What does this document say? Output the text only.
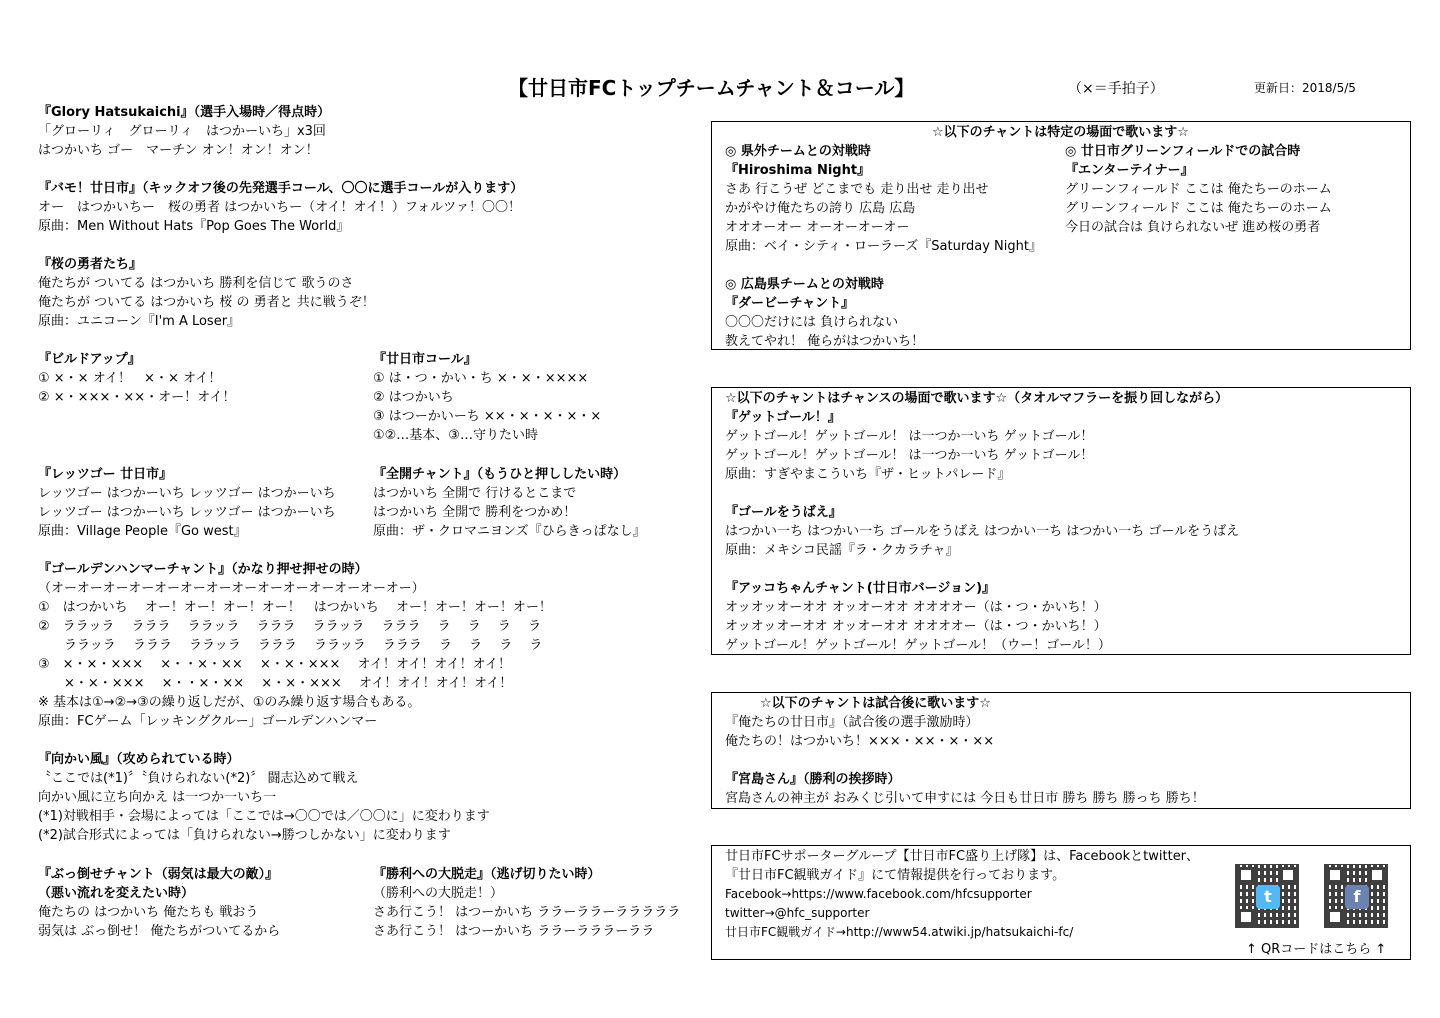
【廿日市FCトップチームチャント＆コール】	（×＝手拍子）	更新日：2018/5/5
『Glory Hatsukaichi』（選手入場時／得点時）
「グローリィ　グローリィ　はつかーいち」x3回
はつかいち ゴー　マーチン オン！オン！オン！
『バモ！廿日市』（キックオフ後の先発選手コール、〇〇に選手コールが入ります）
オー　はつかいちー　桜の勇者 はつかいちー（オイ！オイ！）フォルツァ！〇〇！
原曲：Men Without Hats『Pop Goes The World』
『桜の勇者たち』
俺たちが ついてる はつかいち 勝利を信じて 歌うのさ
俺たちが ついてる はつかいち 桜 の 勇者と 共に戦うぞ！
原曲：ユニコーン『I'm A Loser』
『ビルドアップ』
① ×・× オイ！　×・× オイ！
② ×・×××・××・オー！オイ！
『廿日市コール』
① は・つ・かい・ち ×・×・××××
② はつかいち
③ はつーかいーち ××・×・×・×・×
①②…基本、③…守りたい時
『レッツゴー 廿日市』
レッツゴー はつかーいち レッツゴー はつかーいち
レッツゴー はつかーいち レッツゴー はつかーいち
原曲：Village People『Go west』
『全開チャント』（もうひと押ししたい時）
はつかいち 全開で 行けるとこまで
はつかいち 全開で 勝利をつかめ！
原曲：ザ・クロマニヨンズ『ひらきっぱなし』
『ゴールデンハンマーチャント』（かなり押せ押せの時）
（オーオーオーオーオーオーオーオーオーオーオーオーオーオー）
①　はつかいち　 オー！オー！オー！オー！　はつかいち　 オー！オー！オー！オー！
②　ララッラ　 ラララ　 ララッラ　 ラララ　 ララッラ　 ラララ　 ラ　 ラ　 ラ　 ラ
　　ララッラ　 ラララ　 ララッラ　 ラララ　 ララッラ　 ラララ　 ラ　 ラ　 ラ　 ラ
③　×・×・×××　 ×・・×・××　 ×・×・×××　 オイ！オイ！オイ！オイ！
　　×・×・×××　 ×・・×・××　 ×・×・×××　 オイ！オイ！オイ！オイ！
※ 基本は①→②→③の繰り返しだが、①のみ繰り返す場合もある。
原曲：FCゲーム「レッキングクルー」ゴールデンハンマー
『向かい風』（攻められている時）
〝ここでは(*1)〞〝負けられない(*2)〞 闘志込めて戦え
向かい風に立ち向かえ は一つか一いち一
(*1)対戦相手・会場によっては「ここでは→〇〇では／〇〇に」に変わります
(*2)試合形式によっては「負けられない→勝つしかない」に変わります
『ぶっ倒せチャント（弱気は最大の敵）』
（悪い流れを変えたい時）
俺たちの はつかいち 俺たちも 戦おう
弱気は ぶっ倒せ！ 俺たちがついてるから
『勝利への大脱走』（逃げ切りたい時）
（勝利への大脱走！）
さあ行こう！ はつーかいち ララーララーラララララ
さあ行こう！ はつーかいち ララーラララーララ
☆以下のチャントは特定の場面で歌います☆
◎ 県外チームとの対戦時
『Hiroshima Night』
さあ 行こうぜ どこまでも 走り出せ 走り出せ
かがやけ俺たちの誇り 広島 広島
オオオーオー オーオーオーオー
原曲：ベイ・シティ・ローラーズ『Saturday Night』
◎ 廿日市グリーンフィールドでの試合時
『エンターテイナー』
グリーンフィールド ここは 俺たちーのホーム
グリーンフィールド ここは 俺たちーのホーム
今日の試合は 負けられないぜ 進め桜の勇者
◎ 広島県チームとの対戦時
『ダービーチャント』
〇〇〇だけには 負けられない
教えてやれ！ 俺らがはつかいち！
☆以下のチャントはチャンスの場面で歌います☆（タオルマフラーを振り回しながら）
『ゲットゴール！』
ゲットゴール！ゲットゴール！ は一つか一いち ゲットゴール！
ゲットゴール！ゲットゴール！ は一つか一いち ゲットゴール！
原曲：すぎやまこういち『ザ・ヒットパレード』
『ゴールをうばえ』
はつかい一ち はつかい一ち ゴールをうばえ はつかい一ち はつかい一ち ゴールをうばえ
原曲：メキシコ民謡『ラ・クカラチャ』
『アッコちゃんチャント(廿日市バージョン)』
オッオッオーオオ オッオーオオ オオオオー（は・つ・かいち！）
オッオッオーオオ オッオーオオ オオオオー（は・つ・かいち！）
ゲットゴール！ゲットゴール！ゲットゴール！（ウー！ゴール！）
☆以下のチャントは試合後に歌います☆
『俺たちの廿日市』（試合後の選手激励時）
俺たちの！はつかいち！×××・××・×・××
『宮島さん』（勝利の挨拶時）
宮島さんの神主が おみくじ引いて申すには 今日も廿日市 勝ち 勝ち 勝っち 勝ち！
廿日市FCサポーターグループ【廿日市FC盛り上げ隊】は、Facebookとtwitter、
『廿日市FC観戦ガイド』にて情報提供を行っております。
Facebook→https://www.facebook.com/hfcsupporter
twitter→@hfc_supporter
廿日市FC観戦ガイド→http://www54.atwiki.jp/hatsukaichi-fc/
t	f
↑ QRコードはこちら ↑
